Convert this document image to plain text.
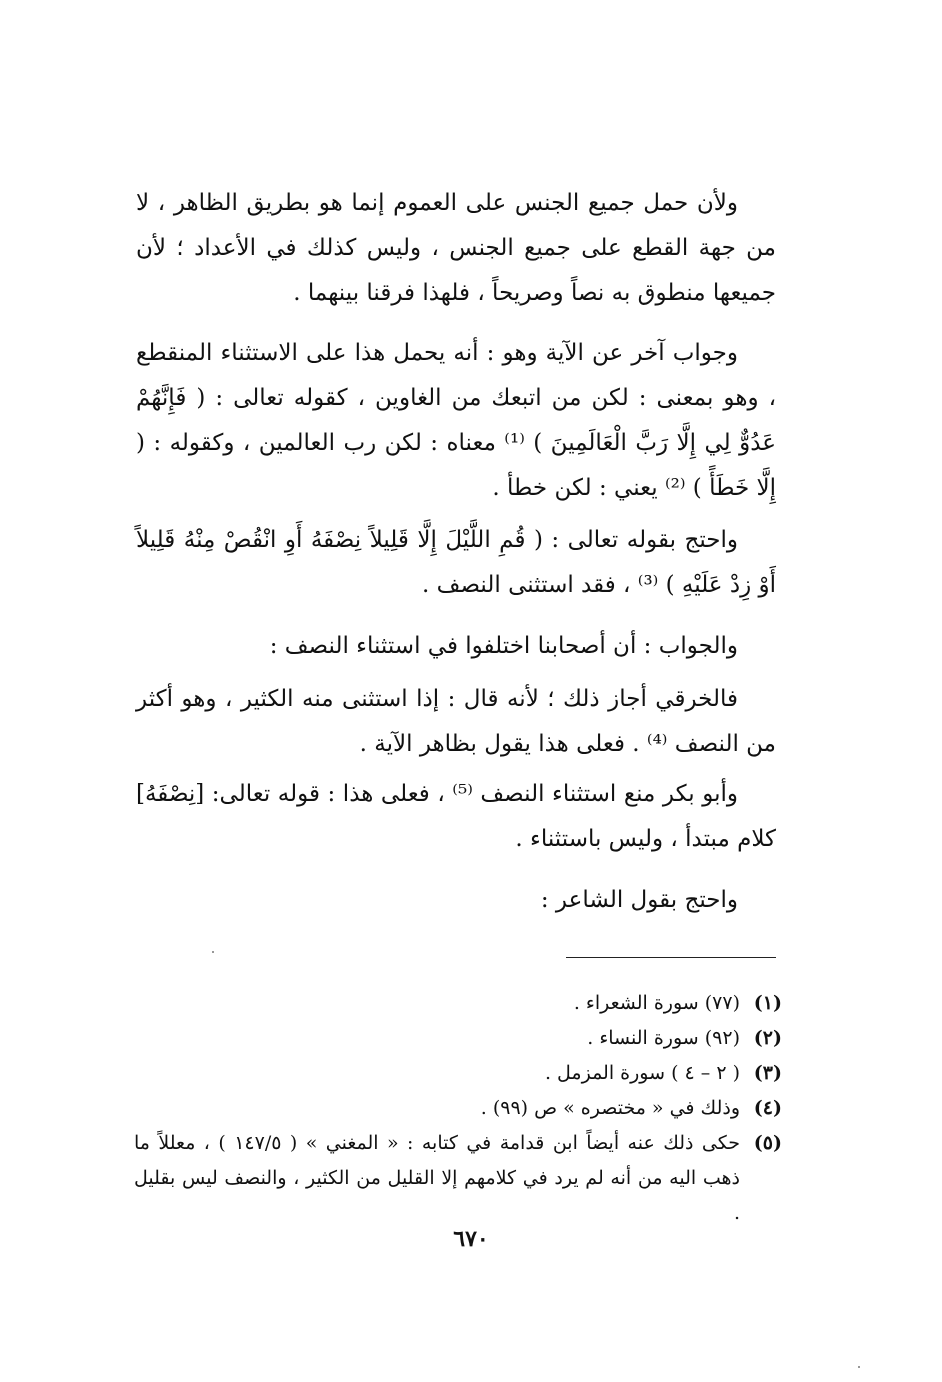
ولأن حمل جميع الجنس على العموم إنما هو بطريق الظاهر ، لا من جهة القطع على جميع الجنس ، وليس كذلك في الأعداد ؛ لأن جميعها منطوق به نصاً وصريحاً ، فلهذا فرقنا بينهما .

وجواب آخر عن الآية وهو : أنه يحمل هذا على الاستثناء المنقطع ، وهو بمعنى : لكن من اتبعك من الغاوين ، كقوله تعالى : ( فَإِنَّهُمْ عَدُوٌّ لِي إِلَّا رَبَّ الْعَالَمِينَ ) ⁽¹⁾ معناه : لكن رب العالمين ، وكقوله : ( إِلَّا خَطَأً ) ⁽²⁾ يعني : لكن خطأ .

واحتج بقوله تعالى : ( قُمِ اللَّيْلَ إِلَّا قَلِيلاً نِصْفَهُ أَوِ انْقُصْ مِنْهُ قَلِيلاً أَوْ زِدْ عَلَيْهِ ) ⁽³⁾ ، فقد استثنى النصف .

والجواب : أن أصحابنا اختلفوا في استثناء النصف :

فالخرقي أجاز ذلك ؛ لأنه قال : إذا استثنى منه الكثير ، وهو أكثر من النصف ⁽⁴⁾ . فعلى هذا يقول بظاهر الآية .

وأبو بكر منع استثناء النصف ⁽⁵⁾ ، فعلى هذا : قوله تعالى: [نِصْفَهُ] كلام مبتدأ ، وليس باستثناء .

واحتج بقول الشاعر :

(١)
(٧٧) سورة الشعراء .
(٢)
(٩٢) سورة النساء .
(٣)
( ٢ – ٤ ) سورة المزمل .
(٤)
وذلك في « مختصره » ص (٩٩) .
(٥)
حكى ذلك عنه أيضاً ابن قدامة في كتابه : « المغني » ( ١٤٧/٥ ) ، معللاً ما ذهب اليه من أنه لم يرد في كلامهم إلا القليل من الكثير ، والنصف ليس بقليل .
٦٧٠
